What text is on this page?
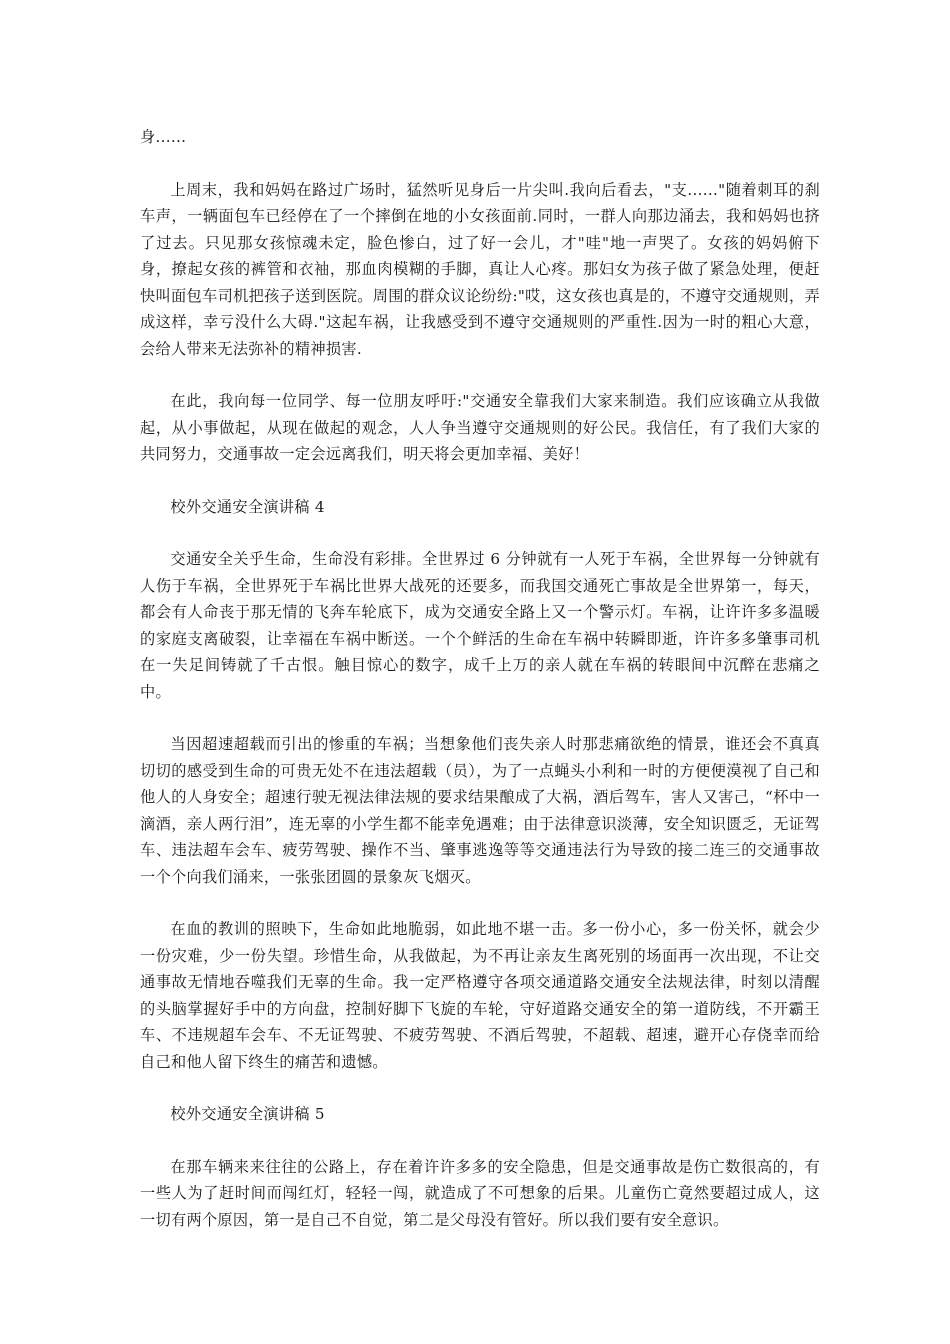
身......

上周末，我和妈妈在路过广场时，猛然听见身后一片尖叫.我向后看去，"支......"随着刺耳的刹车声，一辆面包车已经停在了一个摔倒在地的小女孩面前.同时，一群人向那边涌去，我和妈妈也挤了过去。只见那女孩惊魂未定，脸色惨白，过了好一会儿，才"哇"地一声哭了。女孩的妈妈俯下身，撩起女孩的裤管和衣袖，那血肉模糊的手脚，真让人心疼。那妇女为孩子做了紧急处理，便赶快叫面包车司机把孩子送到医院。周围的群众议论纷纷:"哎，这女孩也真是的，不遵守交通规则，弄成这样，幸亏没什么大碍."这起车祸，让我感受到不遵守交通规则的严重性.因为一时的粗心大意，会给人带来无法弥补的精神损害.

在此，我向每一位同学、每一位朋友呼吁:"交通安全靠我们大家来制造。我们应该确立从我做起，从小事做起，从现在做起的观念，人人争当遵守交通规则的好公民。我信任，有了我们大家的共同努力，交通事故一定会远离我们，明天将会更加幸福、美好！

校外交通安全演讲稿 4

交通安全关乎生命，生命没有彩排。全世界过 6 分钟就有一人死于车祸，全世界每一分钟就有人伤于车祸，全世界死于车祸比世界大战死的还要多，而我国交通死亡事故是全世界第一，每天，都会有人命丧于那无情的飞奔车轮底下，成为交通安全路上又一个警示灯。车祸，让许许多多温暖的家庭支离破裂，让幸福在车祸中断送。一个个鲜活的生命在车祸中转瞬即逝，许许多多肇事司机在一失足间铸就了千古恨。触目惊心的数字，成千上万的亲人就在车祸的转眼间中沉醉在悲痛之中。

当因超速超载而引出的惨重的车祸；当想象他们丧失亲人时那悲痛欲绝的情景，谁还会不真真切切的感受到生命的可贵无处不在违法超载（员），为了一点蝇头小利和一时的方便便漠视了自己和他人的人身安全；超速行驶无视法律法规的要求结果酿成了大祸，酒后驾车，害人又害己，“杯中一滴酒，亲人两行泪”，连无辜的小学生都不能幸免遇难；由于法律意识淡薄，安全知识匮乏，无证驾车、违法超车会车、疲劳驾驶、操作不当、肇事逃逸等等交通违法行为导致的接二连三的交通事故一个个向我们涌来，一张张团圆的景象灰飞烟灭。

在血的教训的照映下，生命如此地脆弱，如此地不堪一击。多一份小心，多一份关怀，就会少一份灾难，少一份失望。珍惜生命，从我做起，为不再让亲友生离死别的场面再一次出现，不让交通事故无情地吞噬我们无辜的生命。我一定严格遵守各项交通道路交通安全法规法律，时刻以清醒的头脑掌握好手中的方向盘，控制好脚下飞旋的车轮，守好道路交通安全的第一道防线，不开霸王车、不违规超车会车、不无证驾驶、不疲劳驾驶、不酒后驾驶，不超载、超速，避开心存侥幸而给自己和他人留下终生的痛苦和遗憾。

校外交通安全演讲稿 5

在那车辆来来往往的公路上，存在着许许多多的安全隐患，但是交通事故是伤亡数很高的，有一些人为了赶时间而闯红灯，轻轻一闯，就造成了不可想象的后果。儿童伤亡竟然要超过成人，这一切有两个原因，第一是自己不自觉，第二是父母没有管好。所以我们要有安全意识。
